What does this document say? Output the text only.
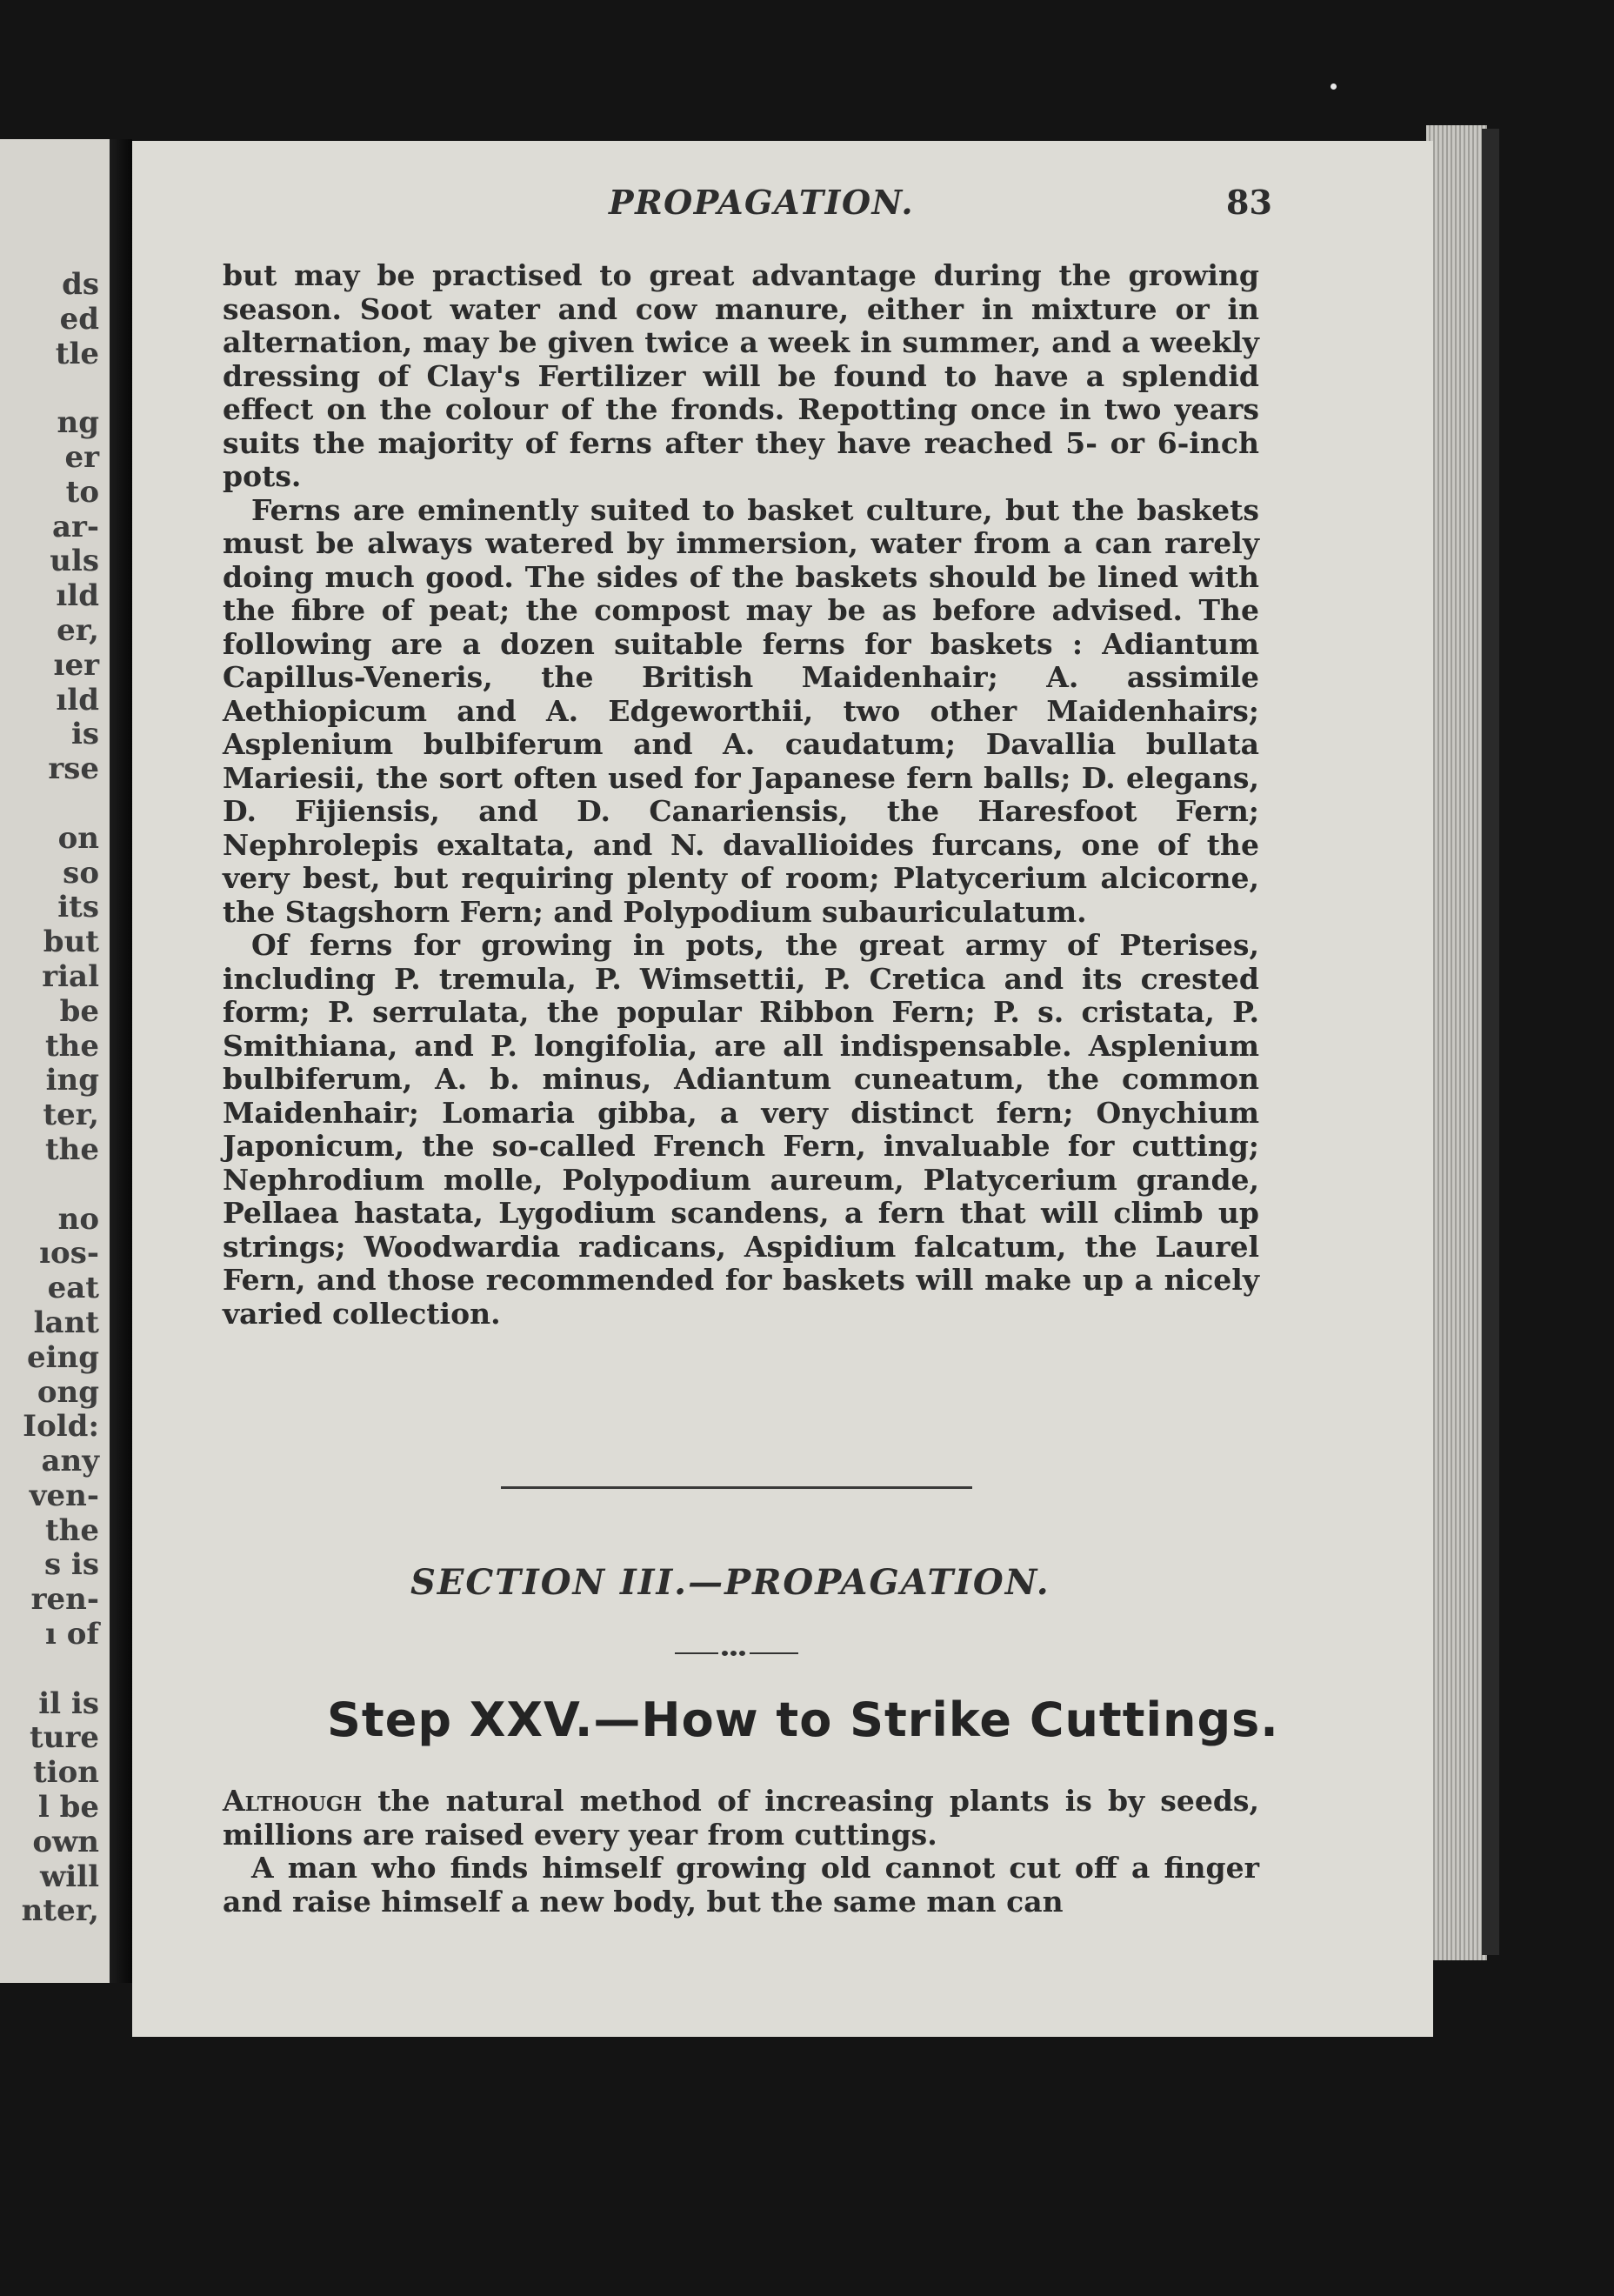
ds
ed
tle

ng
er
to
ar-
uls
ıld
er,
ıer
ıld
is
rse

on
so
its
but
rial
be
the
ing
ter,
the

no
ıos-
eat
lant
eing
ong
Iold:
any
ven-
the
s is
ren-
ı of

il is
ture
tion
l be
own
will
nter,
PROPAGATION.	83

but may be practised to great advantage during the growing season. Soot water and cow manure, either in mixture or in alternation, may be given twice a week in summer, and a weekly dressing of Clay's Fertilizer will be found to have a splendid effect on the colour of the fronds. Repotting once in two years suits the majority of ferns after they have reached 5- or 6-inch pots.

Ferns are eminently suited to basket culture, but the baskets must be always watered by immersion, water from a can rarely doing much good. The sides of the baskets should be lined with the fibre of peat; the compost may be as before advised. The following are a dozen suitable ferns for baskets : Adiantum Capillus-Veneris, the British Maidenhair; A. assimile Aethiopicum and A. Edgeworthii, two other Maidenhairs; Asplenium bulbiferum and A. caudatum; Davallia bullata Mariesii, the sort often used for Japanese fern balls; D. elegans, D. Fijiensis, and D. Canariensis, the Haresfoot Fern; Nephrolepis exaltata, and N. davallioides furcans, one of the very best, but requiring plenty of room; Platycerium alcicorne, the Stagshorn Fern; and Polypodium subauriculatum.

Of ferns for growing in pots, the great army of Pterises, including P. tremula, P. Wimsettii, P. Cretica and its crested form; P. serrulata, the popular Ribbon Fern; P. s. cristata, P. Smithiana, and P. longifolia, are all indispensable. Asplenium bulbiferum, A. b. minus, Adiantum cuneatum, the common Maidenhair; Lomaria gibba, a very distinct fern; Onychium Japonicum, the so-called French Fern, invaluable for cutting; Nephrodium molle, Polypodium aureum, Platycerium grande, Pellaea hastata, Lygodium scandens, a fern that will climb up strings; Woodwardia radicans, Aspidium falcatum, the Laurel Fern, and those recommended for baskets will make up a nicely varied collection.

SECTION III.—PROPAGATION.
Step XXV.—How to Strike Cuttings.

Although the natural method of increasing plants is by seeds, millions are raised every year from cuttings.

A man who finds himself growing old cannot cut off a finger and raise himself a new body, but the same man can
